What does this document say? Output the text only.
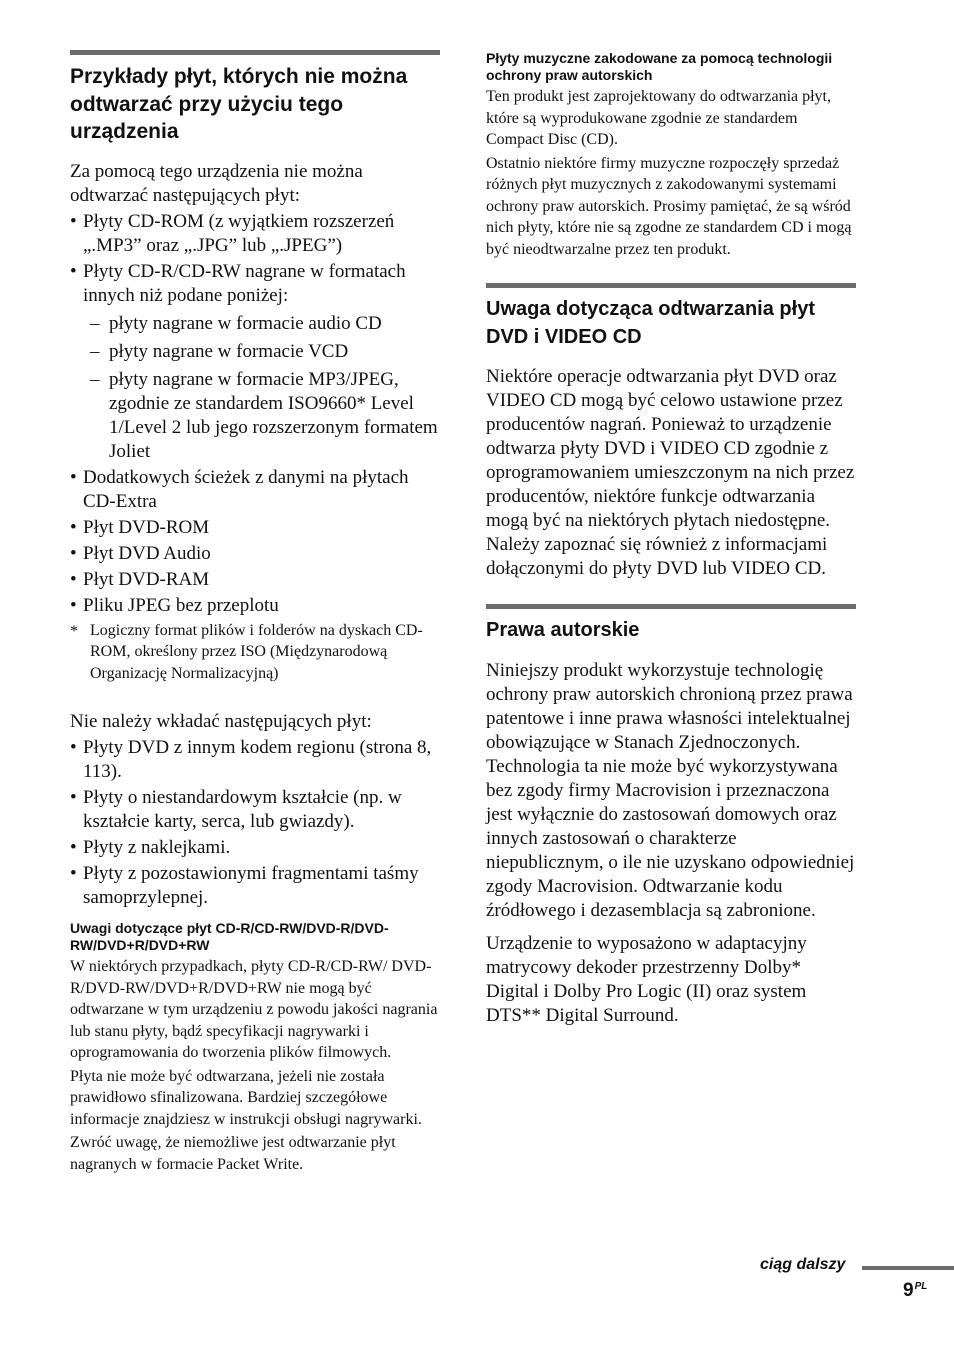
Przykłady płyt, których nie można odtwarzać przy użyciu tego urządzenia

Za pomocą tego urządzenia nie można odtwarzać następujących płyt:

• Płyty CD-ROM (z wyjątkiem rozszerzeń „.MP3” oraz „.JPG” lub „.JPEG”)
• Płyty CD-R/CD-RW nagrane w formatach innych niż podane poniżej:
– płyty nagrane w formacie audio CD
– płyty nagrane w formacie VCD
– płyty nagrane w formacie MP3/JPEG, zgodnie ze standardem ISO9660* Level 1/Level 2 lub jego rozszerzonym formatem Joliet
• Dodatkowych ścieżek z danymi na płytach CD-Extra
• Płyt DVD-ROM
• Płyt DVD Audio
• Płyt DVD-RAM
• Pliku JPEG bez przeplotu
* Logiczny format plików i folderów na dyskach CD-ROM, określony przez ISO (Międzynarodową Organizację Normalizacyjną)

Nie należy wkładać następujących płyt:

• Płyty DVD z innym kodem regionu (strona 8, 113).
• Płyty o niestandardowym kształcie (np. w kształcie karty, serca, lub gwiazdy).
• Płyty z naklejkami.
• Płyty z pozostawionymi fragmentami taśmy samoprzylepnej.
Uwagi dotyczące płyt CD-R/CD-RW/DVD-R/DVD-RW/DVD+R/DVD+RW

W niektórych przypadkach, płyty CD-R/CD-RW/ DVD-R/DVD-RW/DVD+R/DVD+RW nie mogą być odtwarzane w tym urządzeniu z powodu jakości nagrania lub stanu płyty, bądź specyfikacji nagrywarki i oprogramowania do tworzenia plików filmowych.

Płyta nie może być odtwarzana, jeżeli nie została prawidłowo sfinalizowana. Bardziej szczegółowe informacje znajdziesz w instrukcji obsługi nagrywarki.

Zwróć uwagę, że niemożliwe jest odtwarzanie płyt nagranych w formacie Packet Write.

Płyty muzyczne zakodowane za pomocą technologii ochrony praw autorskich

Ten produkt jest zaprojektowany do odtwarzania płyt, które są wyprodukowane zgodnie ze standardem Compact Disc (CD).

Ostatnio niektóre firmy muzyczne rozpoczęły sprzedaż różnych płyt muzycznych z zakodowanymi systemami ochrony praw autorskich. Prosimy pamiętać, że są wśród nich płyty, które nie są zgodne ze standardem CD i mogą być nieodtwarzalne przez ten produkt.

Uwaga dotycząca odtwarzania płyt DVD i VIDEO CD

Niektóre operacje odtwarzania płyt DVD oraz VIDEO CD mogą być celowo ustawione przez producentów nagrań. Ponieważ to urządzenie odtwarza płyty DVD i VIDEO CD zgodnie z oprogramowaniem umieszczonym na nich przez producentów, niektóre funkcje odtwarzania mogą być na niektórych płytach niedostępne. Należy zapoznać się również z informacjami dołączonymi do płyty DVD lub VIDEO CD.

Prawa autorskie

Niniejszy produkt wykorzystuje technologię ochrony praw autorskich chronioną przez prawa patentowe i inne prawa własności intelektualnej obowiązujące w Stanach Zjednoczonych. Technologia ta nie może być wykorzystywana bez zgody firmy Macrovision i przeznaczona jest wyłącznie do zastosowań domowych oraz innych zastosowań o charakterze niepublicznym, o ile nie uzyskano odpowiedniej zgody Macrovision. Odtwarzanie kodu źródłowego i dezasemblacja są zabronione.

Urządzenie to wyposażono w adaptacyjny matrycowy dekoder przestrzenny Dolby* Digital i Dolby Pro Logic (II) oraz system DTS** Digital Surround.

ciąg dalszy
$9^{PL}$
